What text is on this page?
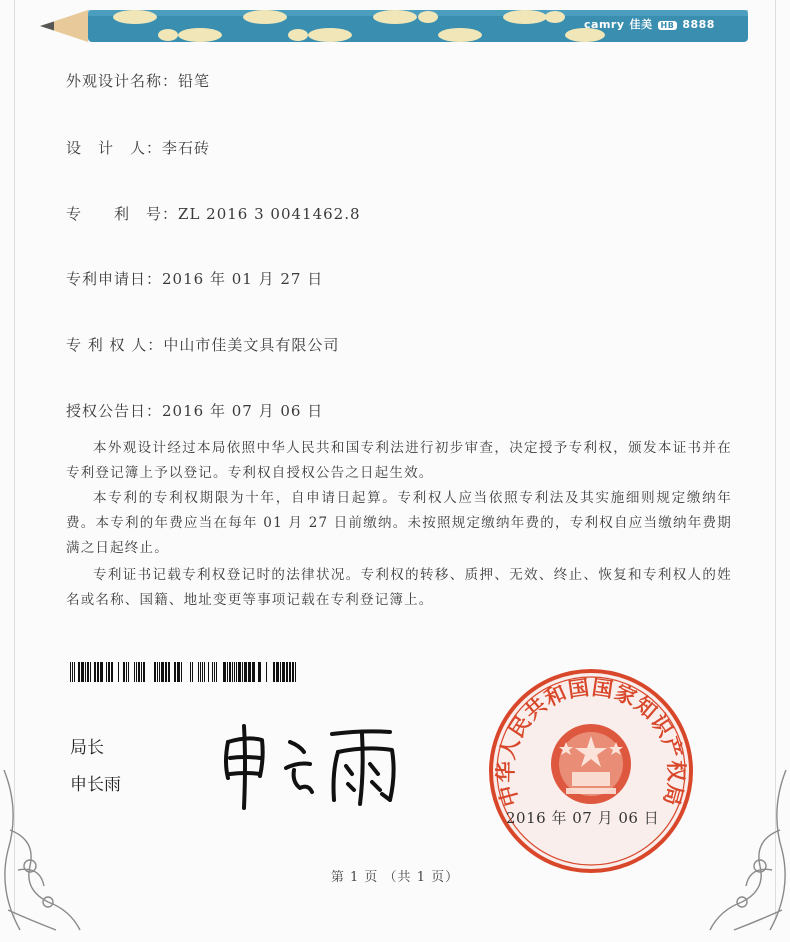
camry 佳美 HB 8888
外观设计名称：铅笔
设　计　人：李石砖
专　　利　号：ZL 2016 3 0041462.8
专利申请日：2016 年 01 月 27 日
专 利 权 人：中山市佳美文具有限公司
授权公告日：2016 年 07 月 06 日
本外观设计经过本局依照中华人民共和国专利法进行初步审查，决定授予专利权，颁发本证书并在专利登记簿上予以登记。专利权自授权公告之日起生效。
本专利的专利权期限为十年，自申请日起算。专利权人应当依照专利法及其实施细则规定缴纳年费。本专利的年费应当在每年 01 月 27 日前缴纳。未按照规定缴纳年费的，专利权自应当缴纳年费期满之日起终止。
专利证书记载专利权登记时的法律状况。专利权的转移、质押、无效、终止、恢复和专利权人的姓名或名称、国籍、地址变更等事项记载在专利登记簿上。
局长
申长雨	中华人民共和国国家知识产权局
2016 年 07 月 06 日
第 1 页 （共 1 页）
